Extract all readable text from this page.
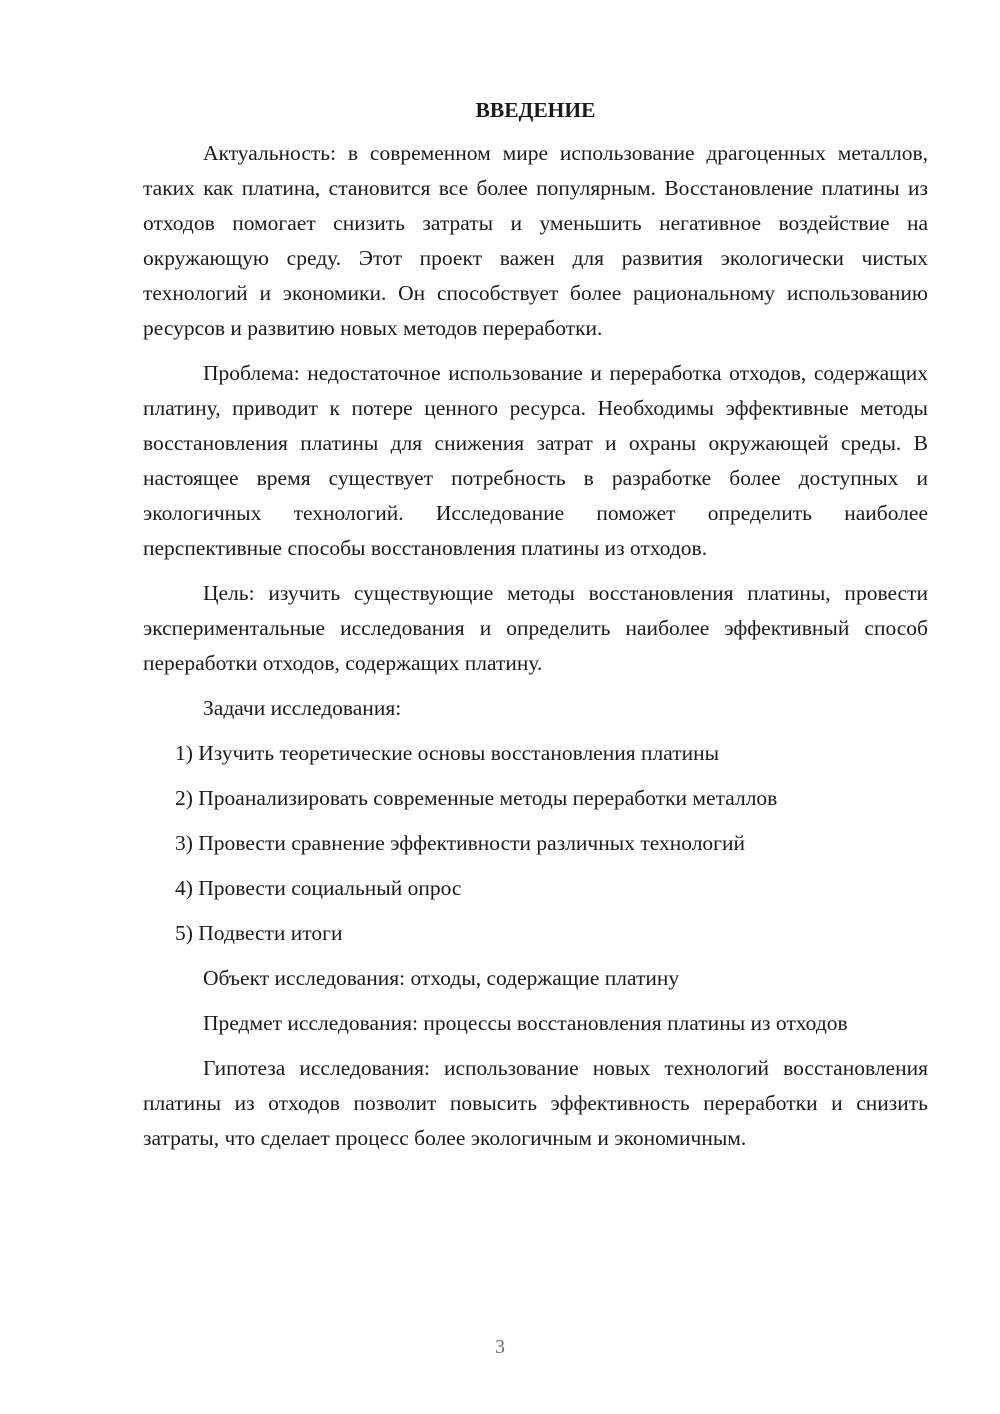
ВВЕДЕНИЕ

Актуальность: в современном мире использование драгоценных металлов, таких как платина, становится все более популярным. Восстановление платины из отходов помогает снизить затраты и уменьшить негативное воздействие на окружающую среду. Этот проект важен для развития экологически чистых технологий и экономики. Он способствует более рациональному использованию ресурсов и развитию новых методов переработки.

Проблема: недостаточное использование и переработка отходов, содержащих платину, приводит к потере ценного ресурса. Необходимы эффективные методы восстановления платины для снижения затрат и охраны окружающей среды. В настоящее время существует потребность в разработке более доступных и экологичных технологий. Исследование поможет определить наиболее перспективные способы восстановления платины из отходов.

Цель: изучить существующие методы восстановления платины, провести экспериментальные исследования и определить наиболее эффективный способ переработки отходов, содержащих платину.

Задачи исследования:

1) Изучить теоретические основы восстановления платины
2) Проанализировать современные методы переработки металлов
3) Провести сравнение эффективности различных технологий
4) Провести социальный опрос
5) Подвести итоги

Объект исследования: отходы, содержащие платину

Предмет исследования: процессы восстановления платины из отходов

Гипотеза исследования: использование новых технологий восстановления платины из отходов позволит повысить эффективность переработки и снизить затраты, что сделает процесс более экологичным и экономичным.

3
